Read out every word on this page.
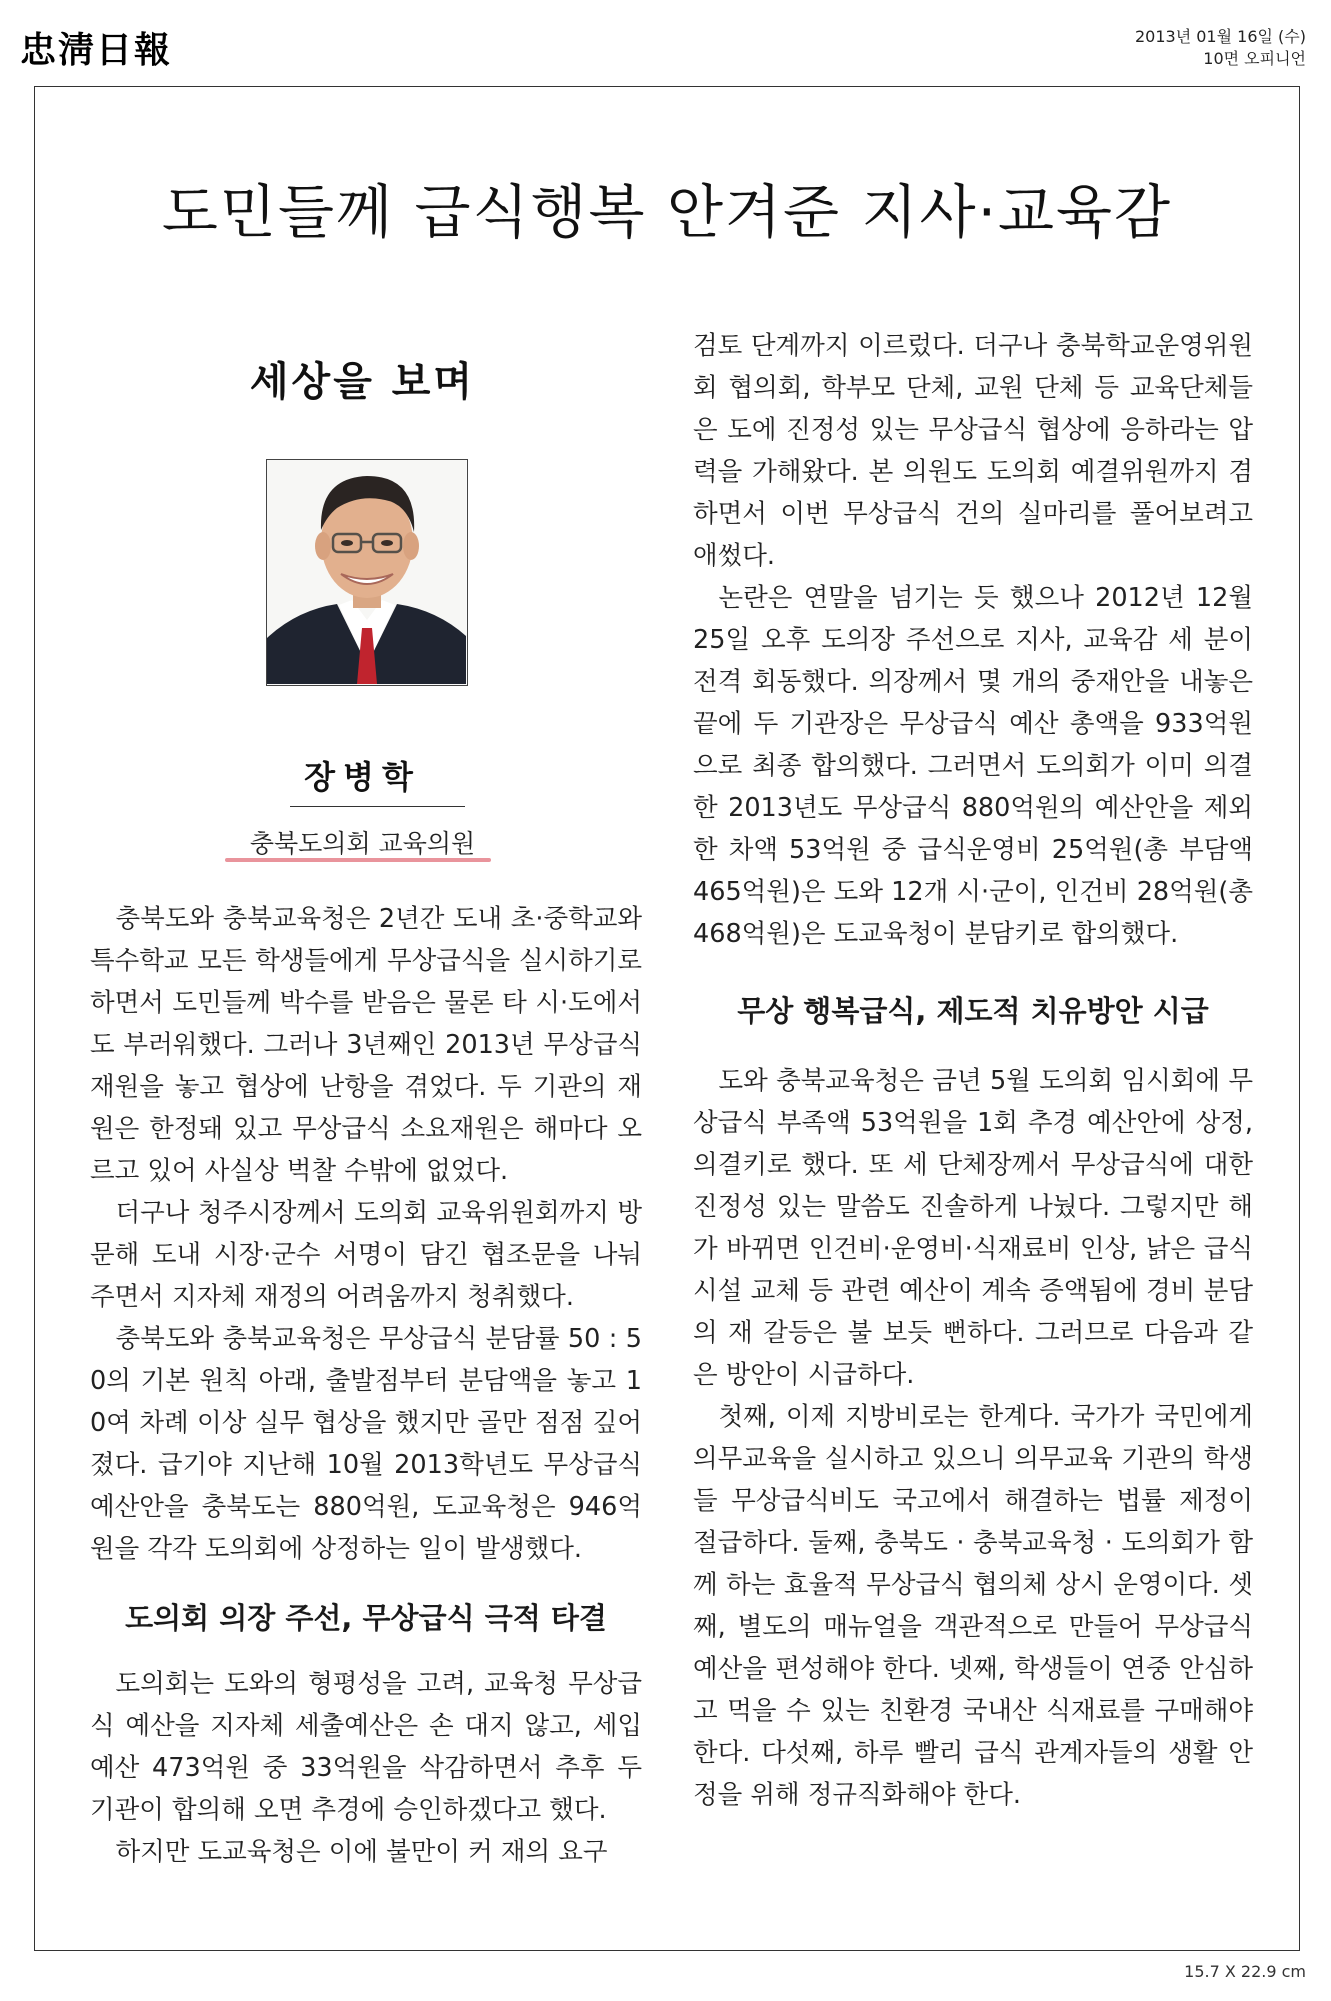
忠淸日報	2013년 01월 16일 (수)
10면 오피니언
도민들께 급식행복 안겨준 지사·교육감
세상을 보며
장병학
충북도의회 교육의원

충북도와 충북교육청은 2년간 도내 초·중학교와 특수학교 모든 학생들에게 무상급식을 실시하기로 하면서 도민들께 박수를 받음은 물론 타 시·도에서도 부러워했다. 그러나 3년째인 2013년 무상급식 재원을 놓고 협상에 난항을 겪었다. 두 기관의 재원은 한정돼 있고 무상급식 소요재원은 해마다 오르고 있어 사실상 벅찰 수밖에 없었다.

더구나 청주시장께서 도의회 교육위원회까지 방문해 도내 시장·군수 서명이 담긴 협조문을 나눠 주면서 지자체 재정의 어려움까지 청취했다.

충북도와 충북교육청은 무상급식 분담률 50 : 50의 기본 원칙 아래, 출발점부터 분담액을 놓고 10여 차례 이상 실무 협상을 했지만 골만 점점 깊어졌다. 급기야 지난해 10월 2013학년도 무상급식 예산안을 충북도는 880억원, 도교육청은 946억원을 각각 도의회에 상정하는 일이 발생했다.

도의회 의장 주선, 무상급식 극적 타결

도의회는 도와의 형평성을 고려, 교육청 무상급식 예산을 지자체 세출예산은 손 대지 않고, 세입예산 473억원 중 33억원을 삭감하면서 추후 두 기관이 합의해 오면 추경에 승인하겠다고 했다.

하지만 도교육청은 이에 불만이 커 재의 요구

검토 단계까지 이르렀다. 더구나 충북학교운영위원회 협의회, 학부모 단체, 교원 단체 등 교육단체들은 도에 진정성 있는 무상급식 협상에 응하라는 압력을 가해왔다. 본 의원도 도의회 예결위원까지 겸하면서 이번 무상급식 건의 실마리를 풀어보려고 애썼다.

논란은 연말을 넘기는 듯 했으나 2012년 12월 25일 오후 도의장 주선으로 지사, 교육감 세 분이 전격 회동했다. 의장께서 몇 개의 중재안을 내놓은 끝에 두 기관장은 무상급식 예산 총액을 933억원으로 최종 합의했다. 그러면서 도의회가 이미 의결한 2013년도 무상급식 880억원의 예산안을 제외한 차액 53억원 중 급식운영비 25억원(총 부담액 465억원)은 도와 12개 시·군이, 인건비 28억원(총 468억원)은 도교육청이 분담키로 합의했다.

무상 행복급식, 제도적 치유방안 시급

도와 충북교육청은 금년 5월 도의회 임시회에 무상급식 부족액 53억원을 1회 추경 예산안에 상정, 의결키로 했다. 또 세 단체장께서 무상급식에 대한 진정성 있는 말씀도 진솔하게 나눴다. 그렇지만 해가 바뀌면 인건비·운영비·식재료비 인상, 낡은 급식시설 교체 등 관련 예산이 계속 증액됨에 경비 분담의 재 갈등은 불 보듯 뻔하다. 그러므로 다음과 같은 방안이 시급하다.

첫째, 이제 지방비로는 한계다. 국가가 국민에게 의무교육을 실시하고 있으니 의무교육 기관의 학생들 무상급식비도 국고에서 해결하는 법률 제정이 절급하다. 둘째, 충북도 · 충북교육청 · 도의회가 함께 하는 효율적 무상급식 협의체 상시 운영이다. 셋째, 별도의 매뉴얼을 객관적으로 만들어 무상급식 예산을 편성해야 한다. 넷째, 학생들이 연중 안심하고 먹을 수 있는 친환경 국내산 식재료를 구매해야 한다. 다섯째, 하루 빨리 급식 관계자들의 생활 안정을 위해 정규직화해야 한다.

15.7 X 22.9 cm
